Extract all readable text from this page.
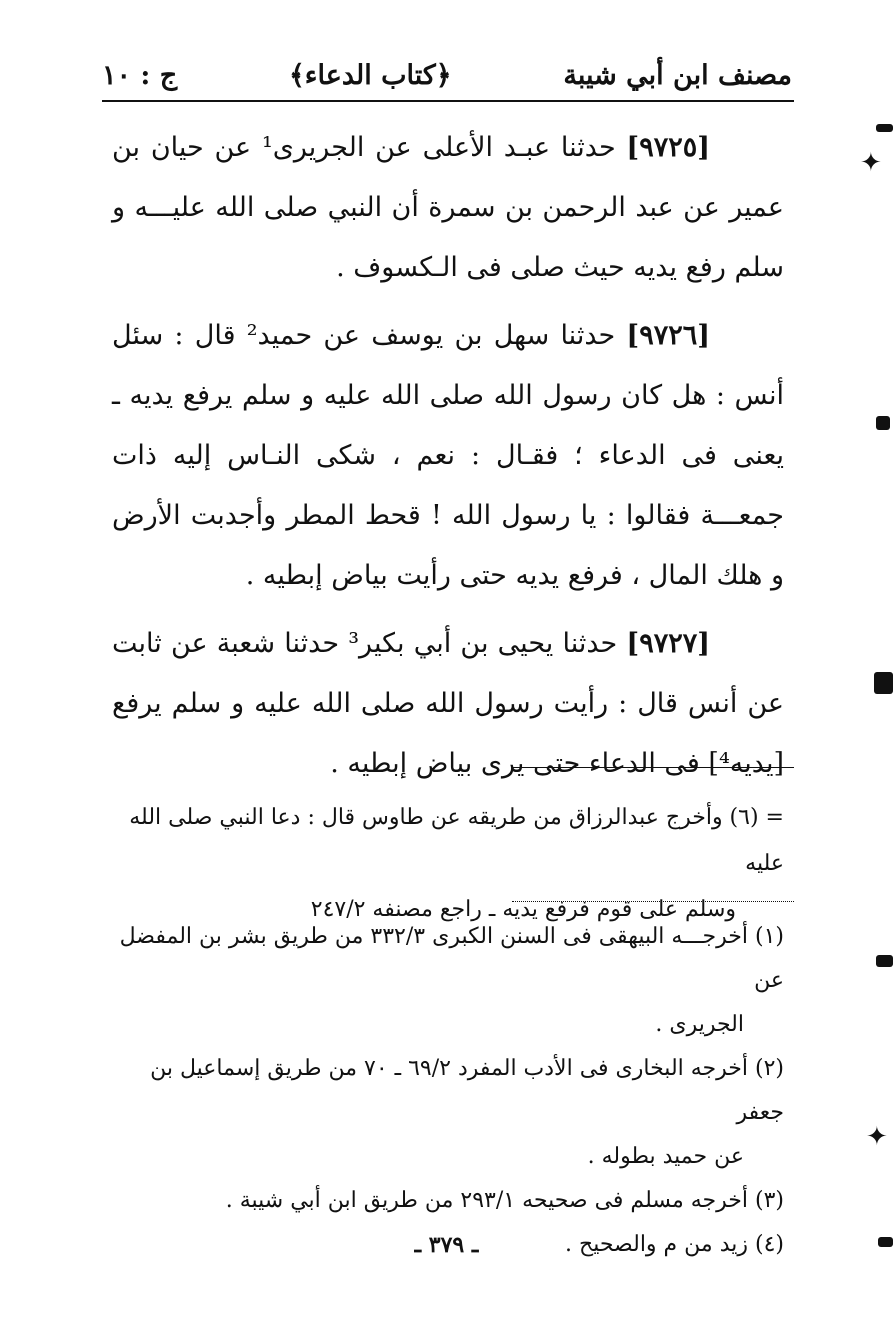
مصنف ابن أبي شيبة
﴿كتاب الدعاء﴾
ج : ١٠

[٩٧٢٥] حدثنا عبـد الأعلى عن الجريرى¹ عن حيان بن عمير عن عبد الرحمن بن سمرة أن النبي صلى الله عليـــه و سلم رفع يديه حيث صلى فى الـكسوف .

[٩٧٢٦] حدثنا سهل بن يوسف عن حميد² قال : سئل أنس : هل كان رسول الله صلى الله عليه و سلم يرفع يديه ـ يعنى فى الدعاء ؛ فقـال : نعم ، شكى النـاس إليه ذات جمعـــة فقالوا : يا رسول الله ! قحط المطر وأجدبت الأرض و هلك المال ، فرفع يديه حتى رأيت بياض إبطيه .

[٩٧٢٧] حدثنا يحيى بن أبي بكير³ حدثنا شعبة عن ثابت عن أنس قال : رأيت رسول الله صلى الله عليه و سلم يرفع [يديه⁴] فى الدعاء حتى يرى بياض إبطيه .

= (٦) وأخرج عبدالرزاق من طريقه عن طاوس قال : دعا النبي صلى الله عليه
وسلم على قوم فرفع يديه ـ راجع مصنفه ٢٤٧/٢
(١) أخرجـــه البيهقى فى السنن الكبرى ٣٣٢/٣ من طريق بشر بن المفضل عن
الجريرى .
(٢) أخرجه البخارى فى الأدب المفرد ٦٩/٢ ـ ٧٠ من طريق إسماعيل بن جعفر
عن حميد بطوله .
(٣) أخرجه مسلم فى صحيحه ٢٩٣/١ من طريق ابن أبي شيبة .
(٤) زيد من م والصحيح .
ـ ٣٧٩ ـ
✦
✦
